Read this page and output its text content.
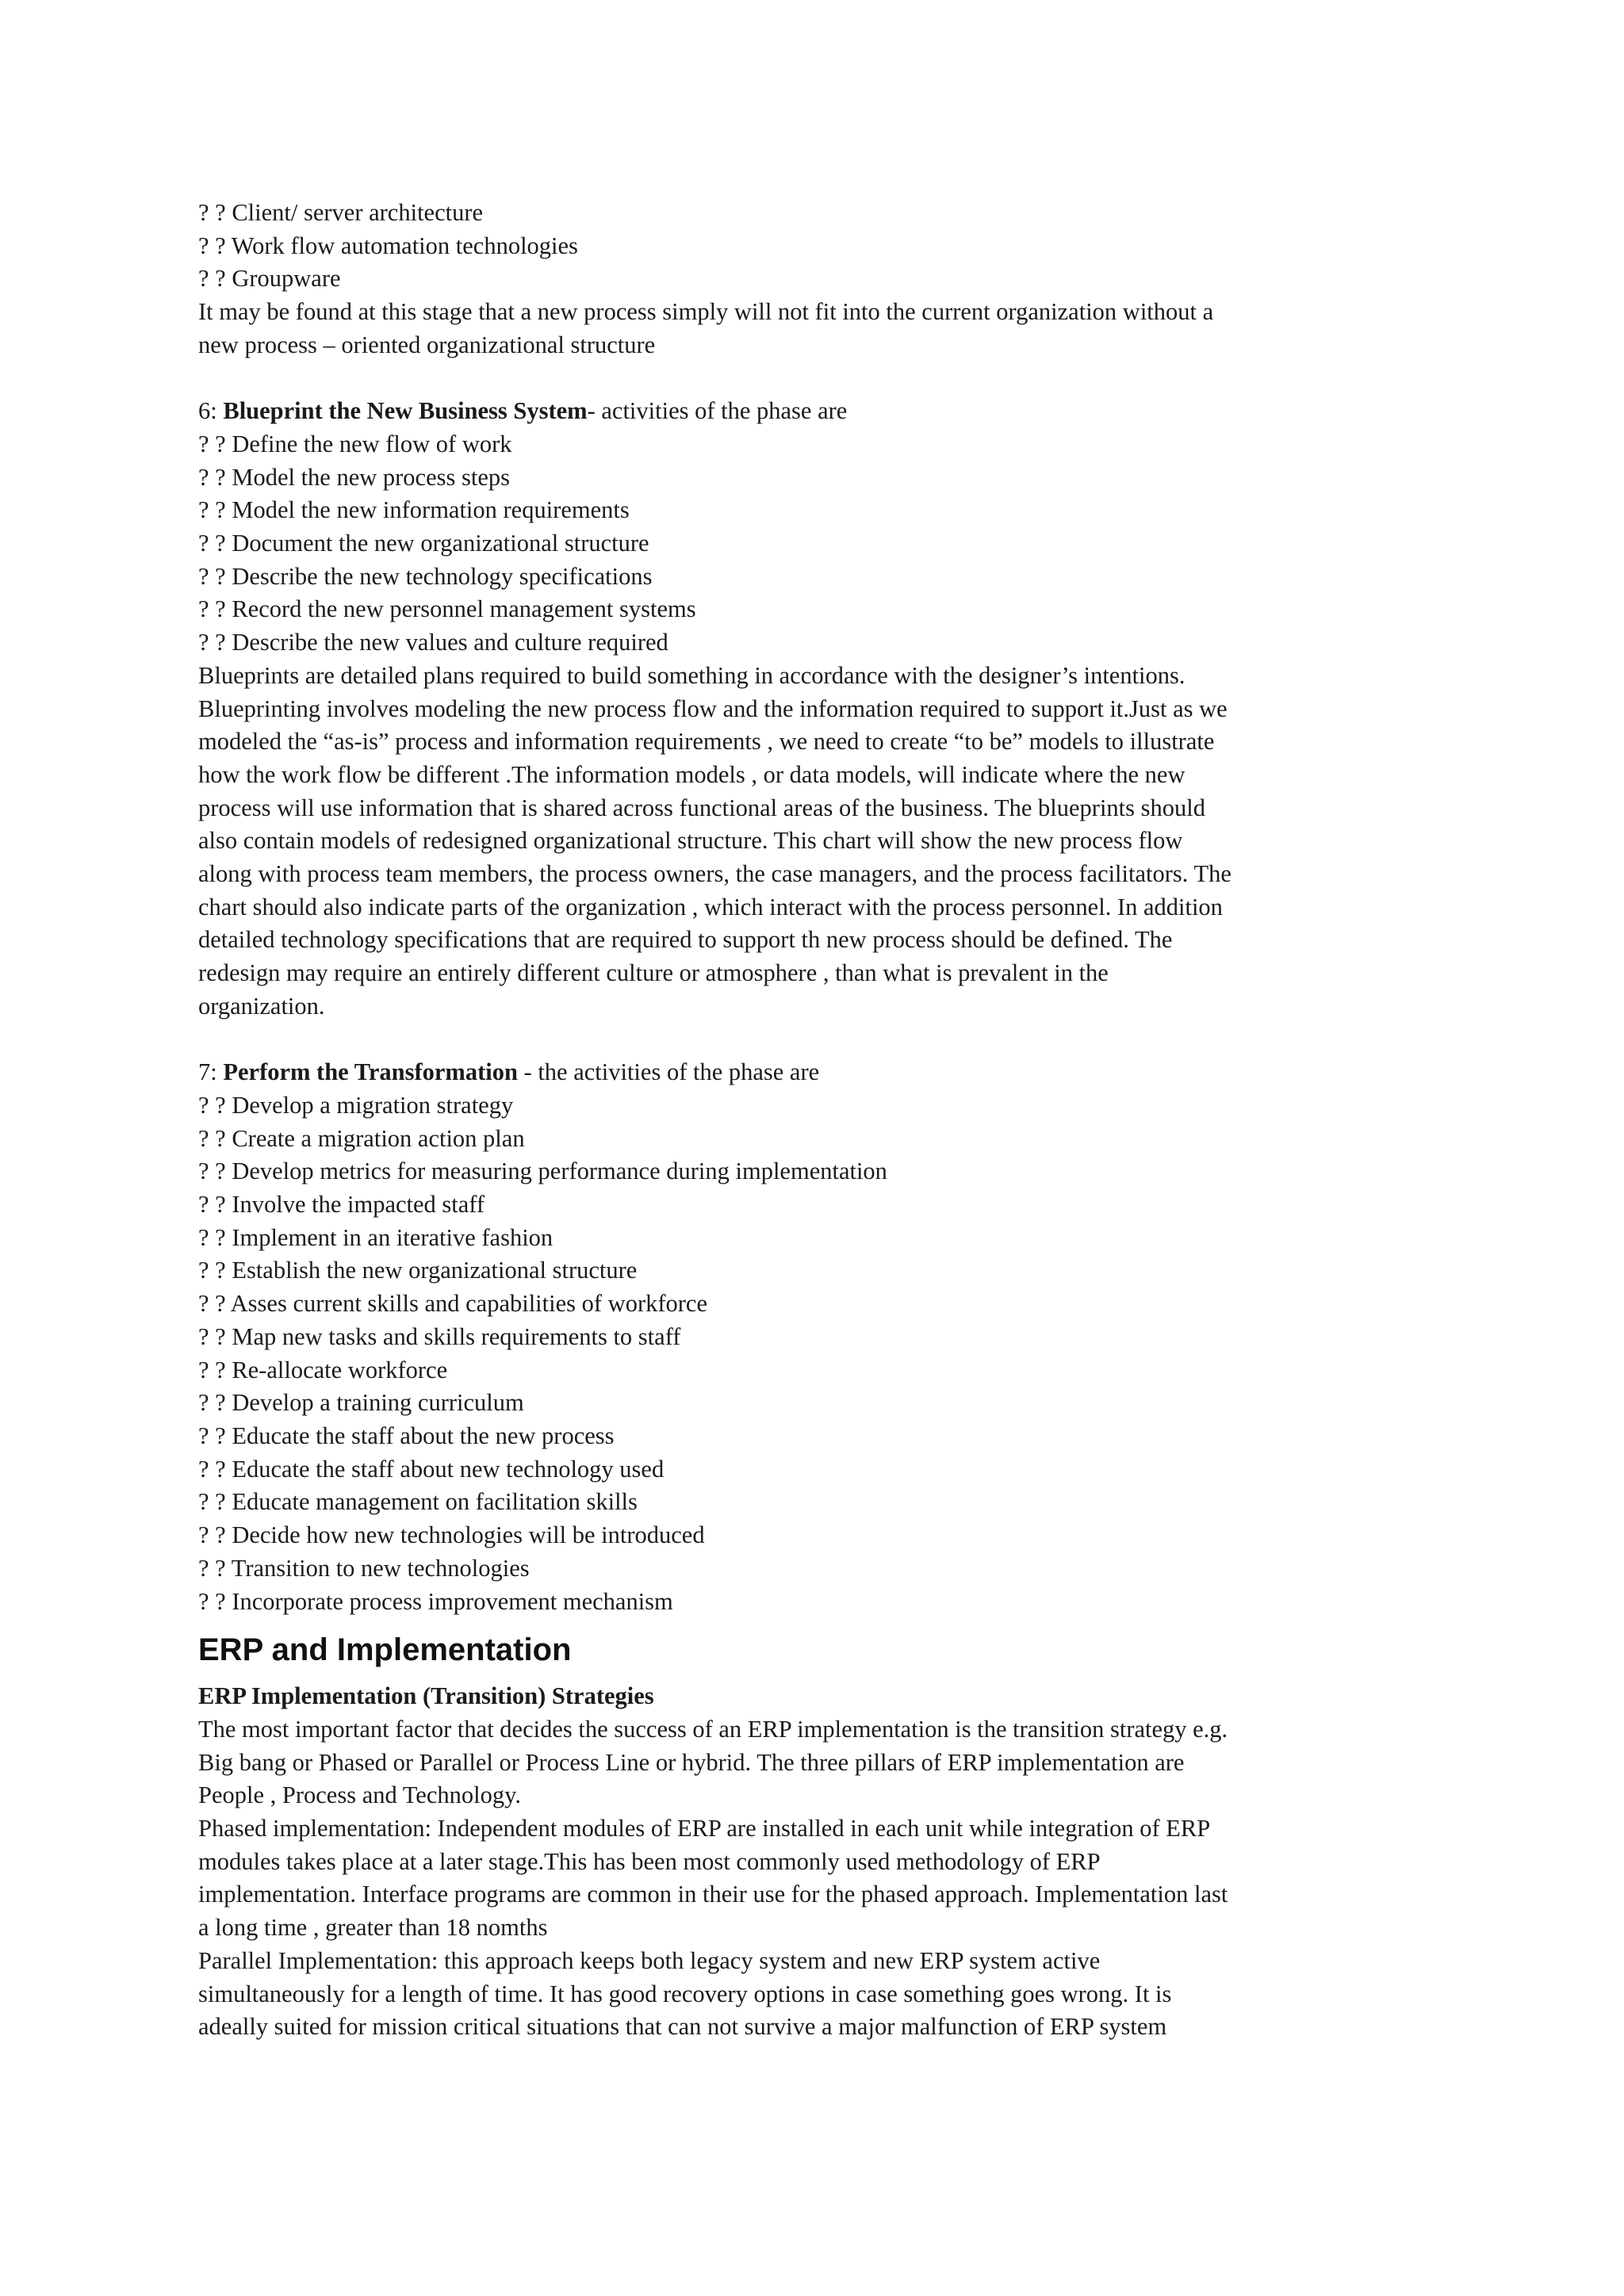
? ? Client/ server architecture
? ? Work flow automation technologies
? ? Groupware
It may be found at this stage that a new process simply will not fit into the current organization without a
new process – oriented organizational structure
6: Blueprint the New Business System- activities of the phase are
? ? Define the new flow of work
? ? Model the new process steps
? ? Model the new information requirements
? ? Document the new organizational structure
? ? Describe the new technology specifications
? ? Record the new personnel management systems
? ? Describe the new values and culture required
Blueprints are detailed plans required to build something in accordance with the designer’s intentions.
Blueprinting involves modeling the new process flow and the information required to support it.Just as we
modeled the “as-is” process and information requirements , we need to create “to be” models to illustrate
how the work flow be different .The information models , or data models, will indicate where the new
process will use information that is shared across functional areas of the business. The blueprints should
also contain models of redesigned organizational structure. This chart will show the new process flow
along with process team members, the process owners, the case managers, and the process facilitators. The
chart should also indicate parts of the organization , which interact with the process personnel. In addition
detailed technology specifications that are required to support th new process should be defined. The
redesign may require an entirely different culture or atmosphere , than what is prevalent in the
organization.
7: Perform the Transformation - the activities of the phase are
? ? Develop a migration strategy
? ? Create a migration action plan
? ? Develop metrics for measuring performance during implementation
? ? Involve the impacted staff
? ? Implement in an iterative fashion
? ? Establish the new organizational structure
? ? Asses current skills and capabilities of workforce
? ? Map new tasks and skills requirements to staff
? ? Re-allocate workforce
? ? Develop a training curriculum
? ? Educate the staff about the new process
? ? Educate the staff about new technology used
? ? Educate management on facilitation skills
? ? Decide how new technologies will be introduced
? ? Transition to new technologies
? ? Incorporate process improvement mechanism
ERP and Implementation
ERP Implementation (Transition) Strategies
The most important factor that decides the success of an ERP implementation is the transition strategy e.g.
Big bang or Phased or Parallel or Process Line or hybrid. The three pillars of ERP implementation are
People , Process and Technology.
Phased implementation: Independent modules of ERP are installed in each unit while integration of ERP
modules takes place at a later stage.This has been most commonly used methodology of ERP
implementation. Interface programs are common in their use for the phased approach. Implementation last
a long time , greater than 18 nomths
Parallel Implementation: this approach keeps both legacy system and new ERP system active
simultaneously for a length of time. It has good recovery options in case something goes wrong. It is
adeally suited for mission critical situations that can not survive a major malfunction of ERP system
